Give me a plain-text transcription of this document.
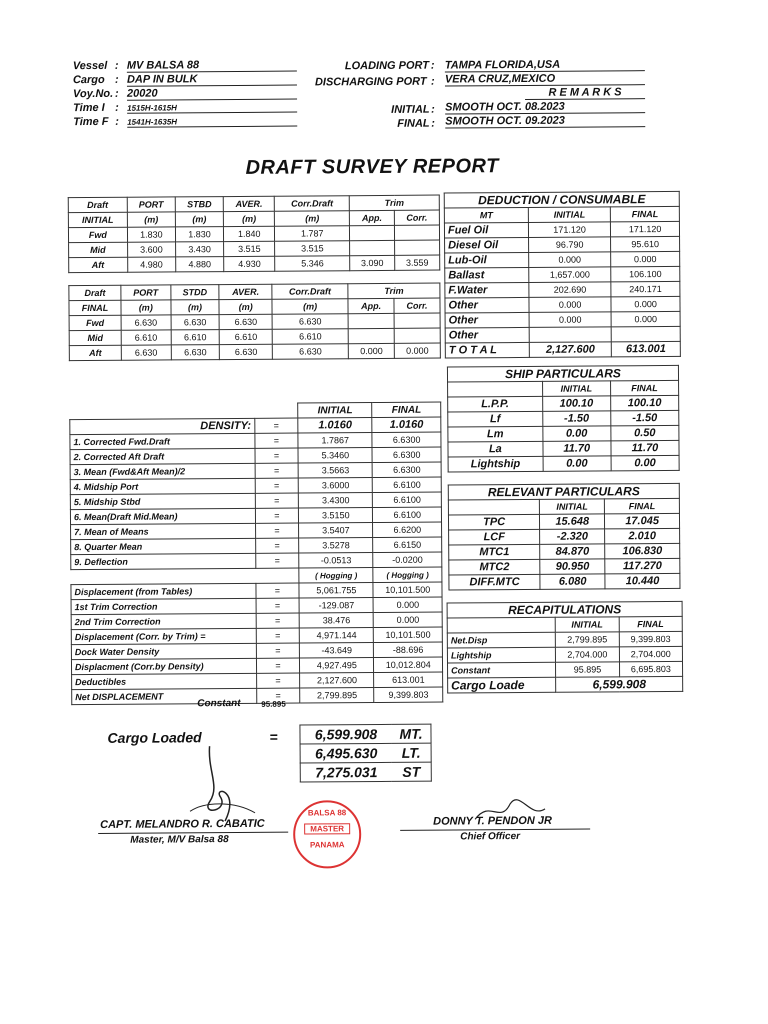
Vessel : MV BALSA 88
Cargo : DAP IN BULK
Voy.No. : 20020
Time I : 1515H-1615H
Time F : 1541H-1635H
LOADING PORT : TAMPA FLORIDA,USA
DISCHARGING PORT : VERA CRUZ,MEXICO
R E M A R K S
INITIAL : SMOOTH OCT. 08.2023
FINAL : SMOOTH OCT. 09.2023
DRAFT SURVEY REPORT
Draft	PORT	STBD	AVER.	Corr.Draft	Trim	
INITIAL	(m)	(m)	(m)	(m)	App.	Corr.
Fwd	1.830	1.830	1.840	1.787		
Mid	3.600	3.430	3.515	3.515		
Aft	4.980	4.880	4.930	5.346	3.090	3.559
Draft	PORT	STDD	AVER.	Corr.Draft	Trim	
FINAL	(m)	(m)	(m)	(m)	App.	Corr.
Fwd	6.630	6.630	6.630	6.630		
Mid	6.610	6.610	6.610	6.610		
Aft	6.630	6.630	6.630	6.630	0.000	0.000
DEDUCTION / CONSUMABLE		
MT	INITIAL	FINAL
Fuel Oil	171.120	171.120
Diesel Oil	96.790	95.610
Lub-Oil	0.000	0.000
Ballast	1,657.000	106.100
F.Water	202.690	240.171
Other	0.000	0.000
Other	0.000	0.000
Other		
T O T A L	2,127.600	613.001
SHIP PARTICULARS		
	INITIAL	FINAL
L.P.P.	100.10	100.10
Lf	-1.50	-1.50
Lm	0.00	0.50
La	11.70	11.70
Lightship	0.00	0.00
RELEVANT PARTICULARS		
	INITIAL	FINAL
TPC	15.648	17.045
LCF	-2.320	2.010
MTC1	84.870	106.830
MTC2	90.950	117.270
DIFF.MTC	6.080	10.440
RECAPITULATIONS		
	INITIAL	FINAL
Net.Disp	2,799.895	9,399.803
Lightship	2,704.000	2,704.000
Constant	95.895	6,695.803
Cargo Loade	6,599.908	
		INITIAL	FINAL
DENSITY:	=	1.0160	1.0160
1. Corrected Fwd.Draft	=	1.7867	6.6300
2. Corrected Aft Draft	=	5.3460	6.6300
3. Mean (Fwd&Aft Mean)/2	=	3.5663	6.6300
4. Midship Port	=	3.6000	6.6100
5. Midship Stbd	=	3.4300	6.6100
6. Mean(Draft Mid.Mean)	=	3.5150	6.6100
7. Mean of Means	=	3.5407	6.6200
8. Quarter Mean	=	3.5278	6.6150
9. Deflection	=	-0.0513	-0.0200
		( Hogging )	( Hogging )
Displacement (from Tables)	=	5,061.755	10,101.500
1st Trim Correction	=	-129.087	0.000
2nd Trim Correction	=	38.476	0.000
Displacement (Corr. by Trim) =	=	4,971.144	10,101.500
Dock Water Density	=	-43.649	-88.696
Displacment (Corr.by Density)	=	4,927.495	10,012.804
Deductibles	=	2,127.600	613.001
Net DISPLACEMENT	=	2,799.895	9,399.803
Constant	95.895
Cargo Loaded	=	6,599.908	MT.
6,495.630	LT.
7,275.031	ST
CAPT. MELANDRO R. CABATIC
Master, M/V Balsa 88
BALSA 88
MASTER
PANAMA
DONNY T. PENDON JR
Chief Officer
